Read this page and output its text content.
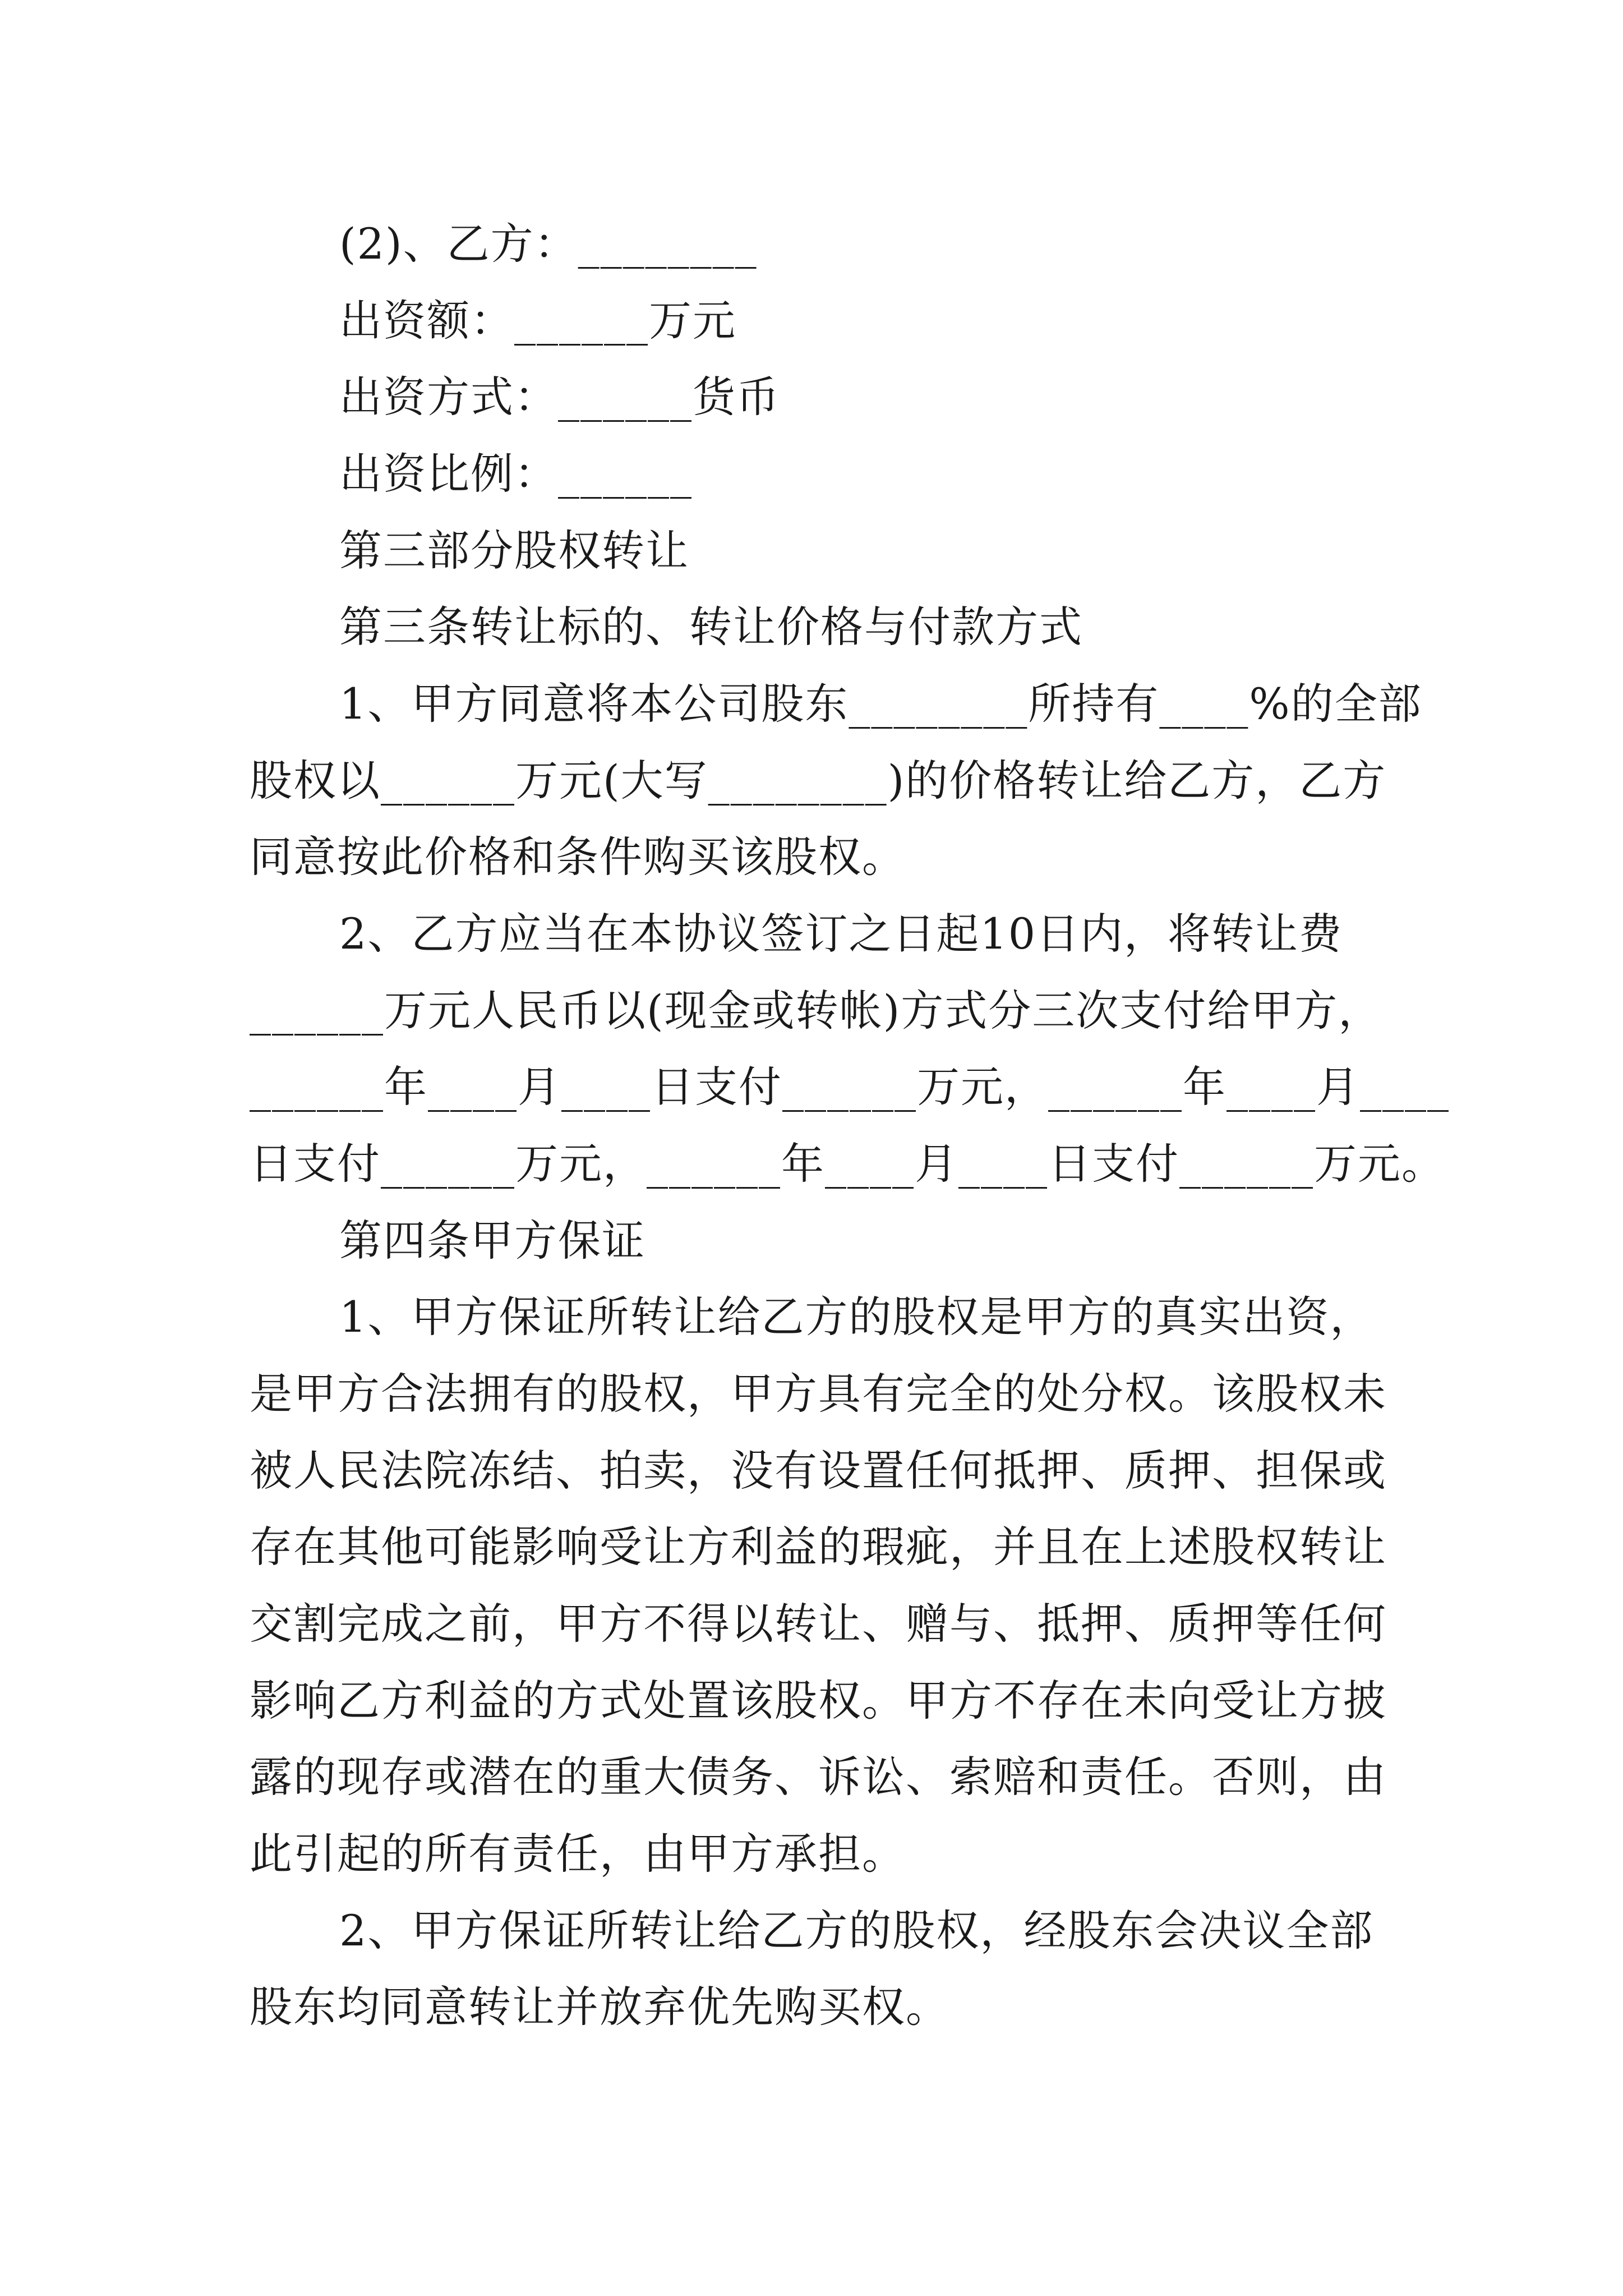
(2)、乙方：________
出资额：______万元
出资方式：______货币
出资比例：______
第三部分股权转让
第三条转让标的、转让价格与付款方式
1、甲方同意将本公司股东________所持有____%的全部
股权以______万元(大写________)的价格转让给乙方，乙方
同意按此价格和条件购买该股权。
2、乙方应当在本协议签订之日起10日内，将转让费
______万元人民币以(现金或转帐)方式分三次支付给甲方，
______年____月____日支付______万元，______年____月____
日支付______万元，______年____月____日支付______万元。
第四条甲方保证
1、甲方保证所转让给乙方的股权是甲方的真实出资，
是甲方合法拥有的股权，甲方具有完全的处分权。该股权未
被人民法院冻结、拍卖，没有设置任何抵押、质押、担保或
存在其他可能影响受让方利益的瑕疵，并且在上述股权转让
交割完成之前，甲方不得以转让、赠与、抵押、质押等任何
影响乙方利益的方式处置该股权。甲方不存在未向受让方披
露的现存或潜在的重大债务、诉讼、索赔和责任。否则，由
此引起的所有责任，由甲方承担。
2、甲方保证所转让给乙方的股权，经股东会决议全部
股东均同意转让并放弃优先购买权。
